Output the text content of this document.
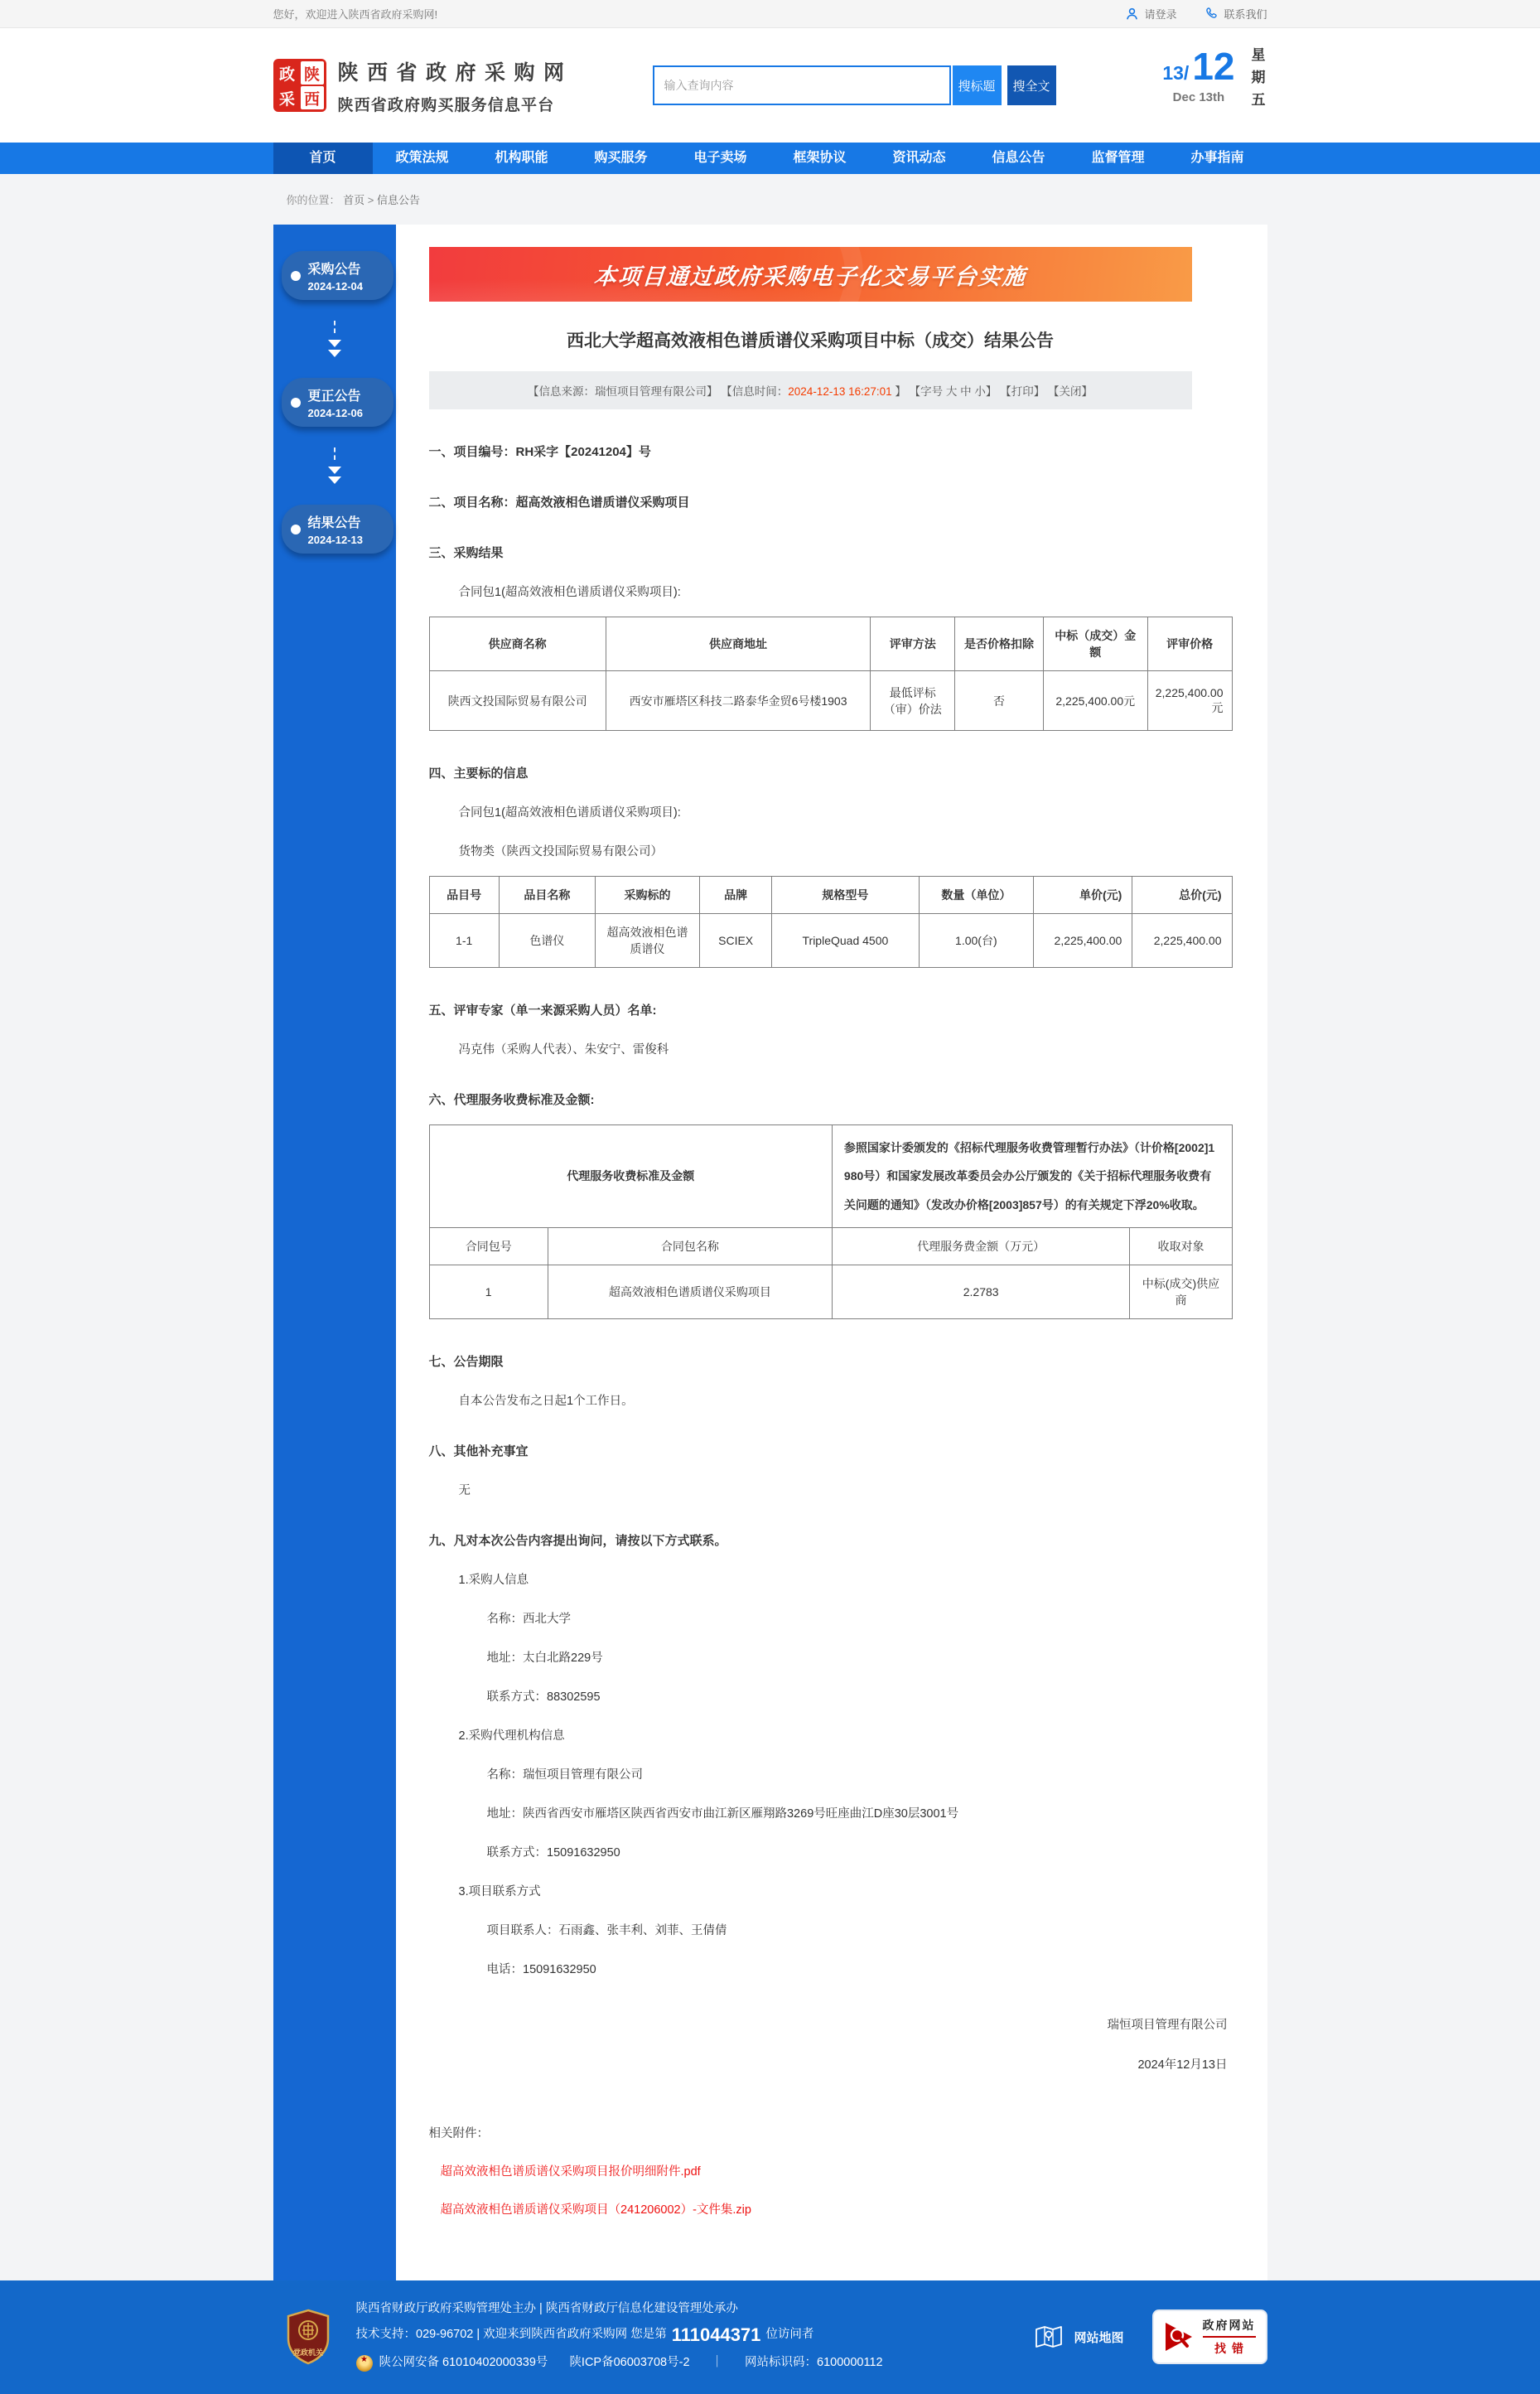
您好，欢迎进入陕西省政府采购网!	请登录	联系我们
政 陕
采 西
陕西省政府采购网
陕西省政府购买服务信息平台
输入查询内容
搜标题	搜全文
13/ 12
Dec 13th 星期五
首页	政策法规	机构职能	购买服务	电子卖场	框架协议	资讯动态	信息公告	监督管理	办事指南
你的位置： 首页 > 信息公告
采购公告
2024-12-04
更正公告
2024-12-06
结果公告
2024-12-13
本项目通过政府采购电子化交易平台实施
西北大学超高效液相色谱质谱仪采购项目中标（成交）结果公告
【信息来源：瑞恒项目管理有限公司】 【信息时间：2024-12-13 16:27:01 】 【字号 大 中 小】 【打印】 【关闭】
一、项目编号：RH采字【20241204】号
二、项目名称：超高效液相色谱质谱仪采购项目
三、采购结果
合同包1(超高效液相色谱质谱仪采购项目):
供应商名称	供应商地址	评审方法	是否价格扣除	中标（成交）金额	评审价格
陕西文投国际贸易有限公司	西安市雁塔区科技二路泰华金贸6号楼1903	最低评标（审）价法	否	2,225,400.00元	2,225,400.00元
四、主要标的信息
合同包1(超高效液相色谱质谱仪采购项目):
货物类（陕西文投国际贸易有限公司）
品目号	品目名称	采购标的	品牌	规格型号	数量（单位）	单价(元)	总价(元)
1-1	色谱仪	超高效液相色谱质谱仪	SCIEX	TripleQuad 4500	1.00(台)	2,225,400.00	2,225,400.00
五、评审专家（单一来源采购人员）名单:
冯克伟（采购人代表）、朱安宁、雷俊科
六、代理服务收费标准及金额:
代理服务收费标准及金额		参照国家计委颁发的《招标代理服务收费管理暂行办法》（计价格[2002]1980号）和国家发展改革委员会办公厅颁发的《关于招标代理服务收费有关问题的通知》（发改办价格[2003]857号）的有关规定下浮20%收取。	
合同包号	合同包名称	代理服务费金额（万元）	收取对象
1	超高效液相色谱质谱仪采购项目	2.2783	中标(成交)供应商
七、公告期限
自本公告发布之日起1个工作日。
八、其他补充事宜
无
九、凡对本次公告内容提出询问，请按以下方式联系。
1.采购人信息
名称：西北大学
地址：太白北路229号
联系方式：88302595
2.采购代理机构信息
名称：瑞恒项目管理有限公司
地址：陕西省西安市雁塔区陕西省西安市曲江新区雁翔路3269号旺座曲江D座30层3001号
联系方式：15091632950
3.项目联系方式
项目联系人：石雨鑫、张丰利、刘菲、王倩倩
电话：15091632950
瑞恒项目管理有限公司
2024年12月13日
相关附件：
超高效液相色谱质谱仪采购项目报价明细附件.pdf
超高效液相色谱质谱仪采购项目（241206002）-文件集.zip
党政机关
陕西省财政厅政府采购管理处主办 | 陕西省财政厅信息化建设管理处承办
技术支持：029-96702 | 欢迎来到陕西省政府采购网 您是第 111044371 位访问者
★
陕公网安备 61010402000339号 陕ICP备06003708号-2 ｜ 网站标识码：6100000112
网站地图
政府网站
找错
